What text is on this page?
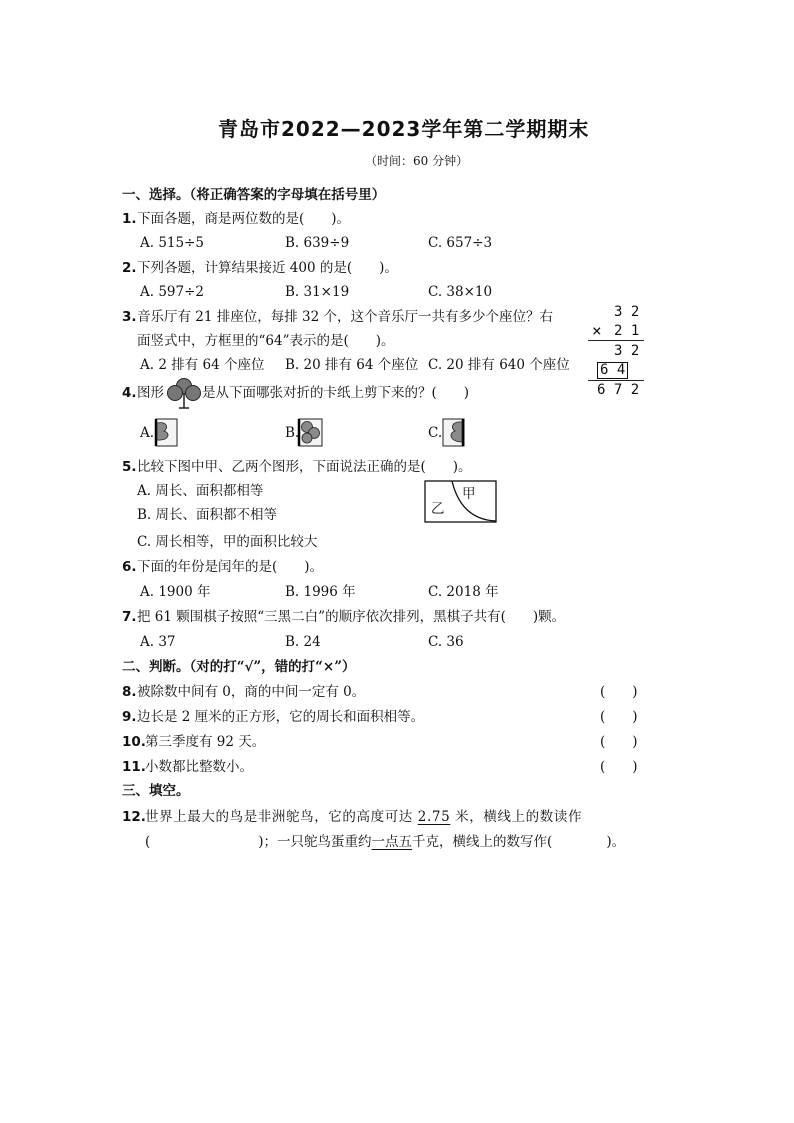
青岛市2022—2023学年第二学期期末
（时间：60 分钟）
一、选择。（将正确答案的字母填在括号里）
1. 下面各题，商是两位数的是(　　)。
A. 515÷5	B. 639÷9	C. 657÷3
2. 下列各题，计算结果接近 400 的是(　　)。
A. 597÷2	B. 31×19	C. 38×10
3. 音乐厅有 21 排座位，每排 32 个，这个音乐厅一共有多少个座位？右
面竖式中，方框里的“64”表示的是(　　)。
A. 2 排有 64 个座位 B. 20 排有 64 个座位 C. 20 排有 640 个座位
3 2
× 2 1
3 2
6 4
6 7 2
4. 图形	是从下面哪张对折的卡纸上剪下来的？(　　)
A.	B.	C.
5. 比较下图中甲、乙两个图形，下面说法正确的是(　　)。
A. 周长、面积都相等
B. 周长、面积都不相等
C. 周长相等，甲的面积比较大
甲
乙
6. 下面的年份是闰年的是(　　)。
A. 1900 年	B. 1996 年	C. 2018 年
7. 把 61 颗围棋子按照“三黑二白”的顺序依次排列，黑棋子共有(　　)颗。
A. 37	B. 24	C. 36
二、判断。（对的打“√”，错的打“×”）
8. 被除数中间有 0，商的中间一定有 0。	(　　)
9. 边长是 2 厘米的正方形，它的周长和面积相等。	(　　)
10. 第三季度有 92 天。	(　　)
11. 小数都比整数小。	(　　)
三、填空。
12. 世界上最大的鸟是非洲鸵鸟，它的高度可达 2.75 米，横线上的数读作
(　　　　　　　　)；一只鸵鸟蛋重约一点五千克，横线上的数写作(　　　　)。
